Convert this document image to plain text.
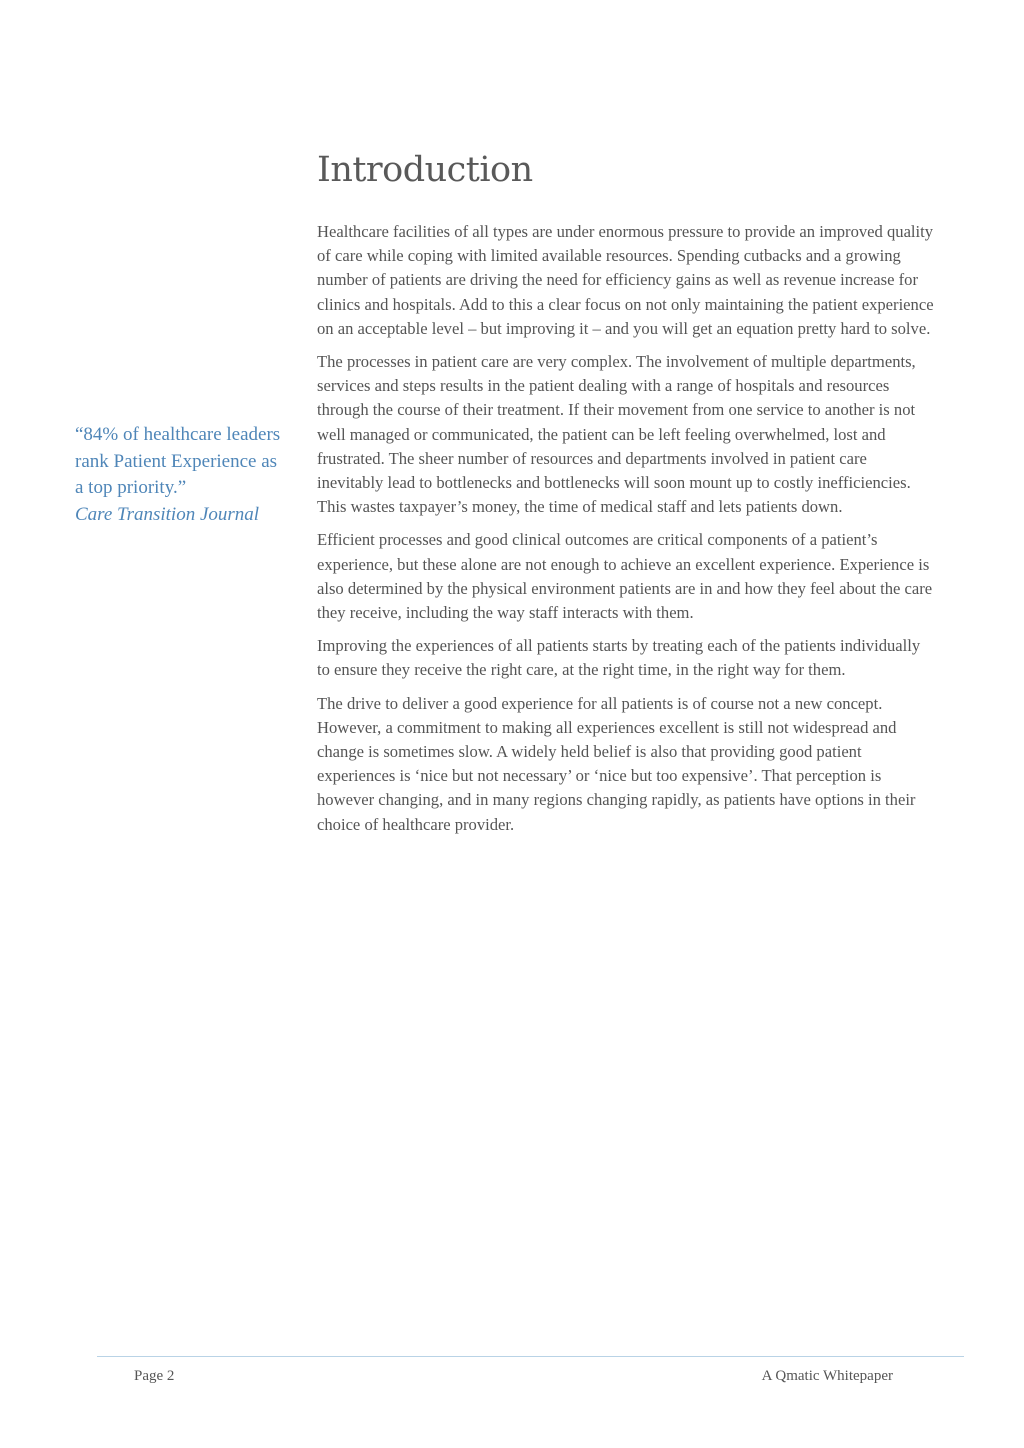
Introduction

Healthcare facilities of all types are under enormous pressure to provide an improved quality of care while coping with limited available resources. Spending cutbacks and a growing number of patients are driving the need for efficiency gains as well as revenue increase for clinics and hospitals. Add to this a clear focus on not only maintaining the patient experience on an acceptable level – but improving it – and you will get an equation pretty hard to solve.

The processes in patient care are very complex. The involvement of multiple departments, services and steps results in the patient dealing with a range of hospitals and resources through the course of their treatment. If their movement from one service to another is not well managed or communicated, the patient can be left feeling overwhelmed, lost and frustrated. The sheer number of resources and departments involved in patient care inevitably lead to bottlenecks and bottlenecks will soon mount up to costly inefficiencies. This wastes taxpayer’s money, the time of medical staff and lets patients down.

Efficient processes and good clinical outcomes are critical components of a patient’s experience, but these alone are not enough to achieve an excellent experience. Experience is also determined by the physical environment patients are in and how they feel about the care they receive, including the way staff interacts with them.

Improving the experiences of all patients starts by treating each of the patients individually to ensure they receive the right care, at the right time, in the right way for them.

The drive to deliver a good experience for all patients is of course not a new concept. However, a commitment to making all experiences excellent is still not widespread and change is sometimes slow. A widely held belief is also that providing good patient experiences is ‘nice but not necessary’ or ‘nice but too expensive’. That perception is however changing, and in many regions changing rapidly, as patients have options in their choice of healthcare provider.

“84% of healthcare leaders rank Patient Experience as a top priority.”

Care Transition Journal

Page 2	A Qmatic Whitepaper
